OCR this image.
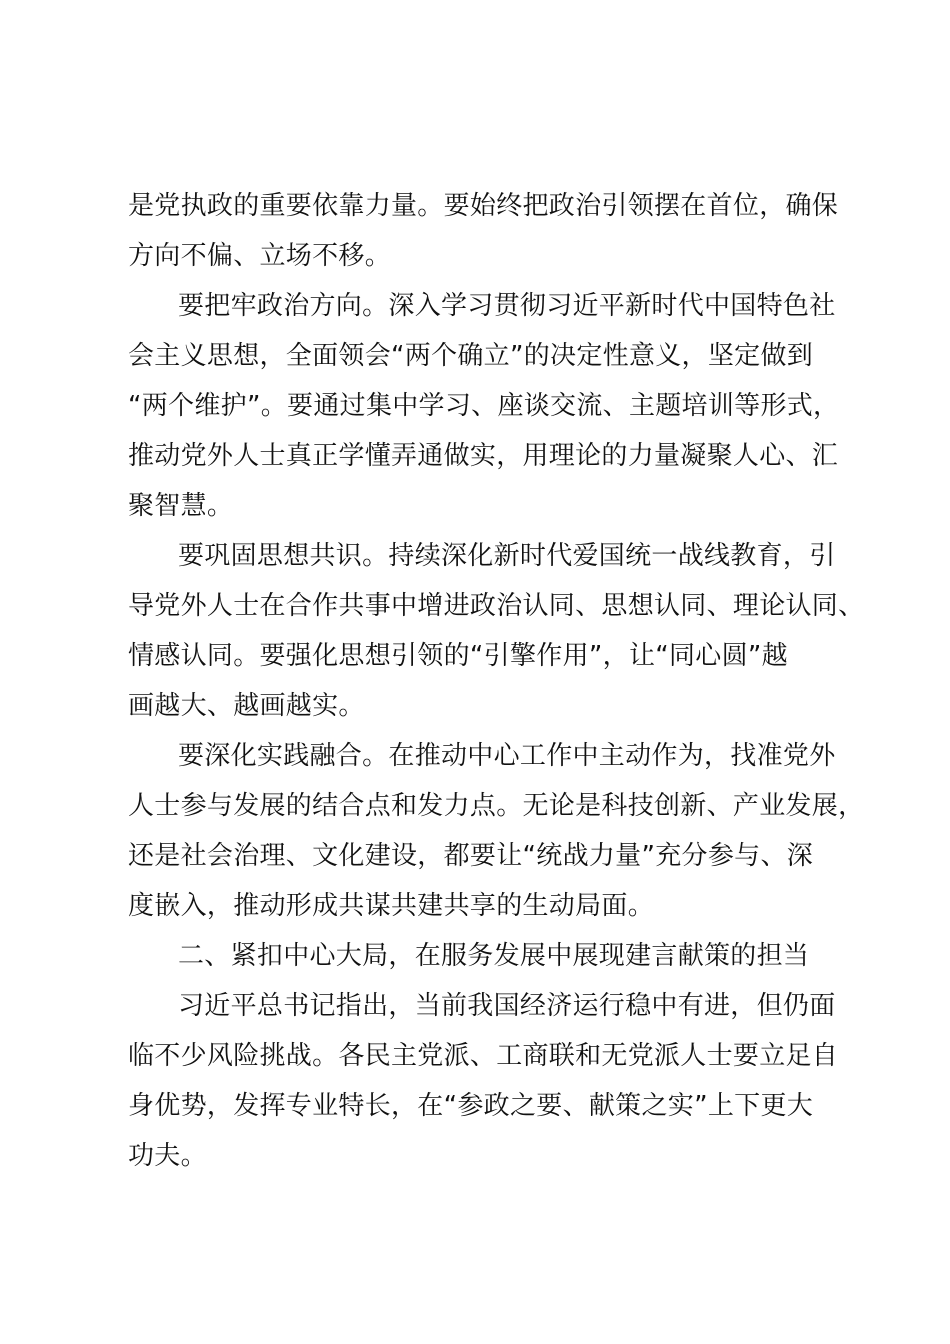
是党执政的重要依靠力量。要始终把政治引领摆在首位，确保
方向不偏、立场不移。
要把牢政治方向。深入学习贯彻习近平新时代中国特色社
会主义思想，全面领会“两个确立”的决定性意义，坚定做到
“两个维护”。要通过集中学习、座谈交流、主题培训等形式，
推动党外人士真正学懂弄通做实，用理论的力量凝聚人心、汇
聚智慧。
要巩固思想共识。持续深化新时代爱国统一战线教育，引
导党外人士在合作共事中增进政治认同、思想认同、理论认同、
情感认同。要强化思想引领的“引擎作用”，让“同心圆”越
画越大、越画越实。
要深化实践融合。在推动中心工作中主动作为，找准党外
人士参与发展的结合点和发力点。无论是科技创新、产业发展，
还是社会治理、文化建设，都要让“统战力量”充分参与、深
度嵌入，推动形成共谋共建共享的生动局面。
二、紧扣中心大局，在服务发展中展现建言献策的担当
习近平总书记指出，当前我国经济运行稳中有进，但仍面
临不少风险挑战。各民主党派、工商联和无党派人士要立足自
身优势，发挥专业特长，在“参政之要、献策之实”上下更大
功夫。
